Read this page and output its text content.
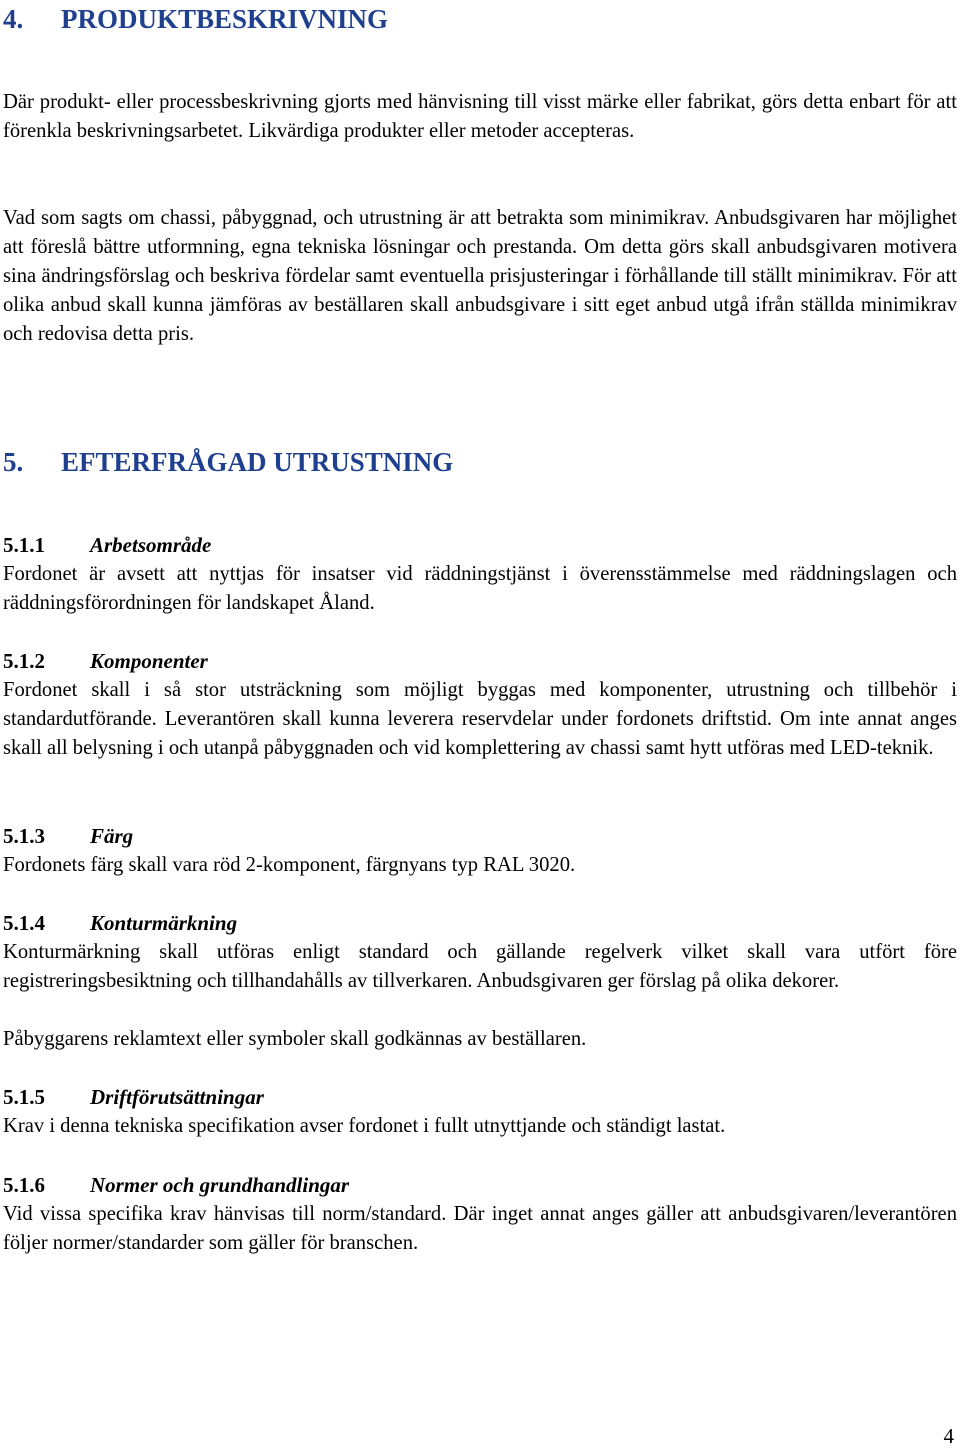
4. PRODUKTBESKRIVNING

Där produkt- eller processbeskrivning gjorts med hänvisning till visst märke eller fabrikat, görs detta enbart för att förenkla beskrivningsarbetet. Likvärdiga produkter eller metoder accepteras.

Vad som sagts om chassi, påbyggnad, och utrustning är att betrakta som minimikrav. Anbudsgivaren har möjlighet att föreslå bättre utformning, egna tekniska lösningar och prestanda. Om detta görs skall anbudsgivaren motivera sina ändringsförslag och beskriva fördelar samt eventuella prisjusteringar i förhållande till ställt minimikrav. För att olika anbud skall kunna jämföras av beställaren skall anbudsgivare i sitt eget anbud utgå ifrån ställda minimikrav och redovisa detta pris.

5. EFTERFRÅGAD UTRUSTNING
5.1.1 Arbetsområde

Fordonet är avsett att nyttjas för insatser vid räddningstjänst i överensstämmelse med räddningslagen och räddningsförordningen för landskapet Åland.

5.1.2 Komponenter

Fordonet skall i så stor utsträckning som möjligt byggas med komponenter, utrustning och tillbehör i standardutförande. Leverantören skall kunna leverera reservdelar under fordonets driftstid. Om inte annat anges skall all belysning i och utanpå påbyggnaden och vid komplettering av chassi samt hytt utföras med LED-teknik.

5.1.3 Färg

Fordonets färg skall vara röd 2-komponent, färgnyans typ RAL 3020.

5.1.4 Konturmärkning

Konturmärkning skall utföras enligt standard och gällande regelverk vilket skall vara utfört före registreringsbesiktning och tillhandahålls av tillverkaren. Anbudsgivaren ger förslag på olika dekorer.

Påbyggarens reklamtext eller symboler skall godkännas av beställaren.

5.1.5 Driftförutsättningar

Krav i denna tekniska specifikation avser fordonet i fullt utnyttjande och ständigt lastat.

5.1.6 Normer och grundhandlingar

Vid vissa specifika krav hänvisas till norm/standard. Där inget annat anges gäller att anbudsgivaren/leverantören följer normer/standarder som gäller för branschen.

4
